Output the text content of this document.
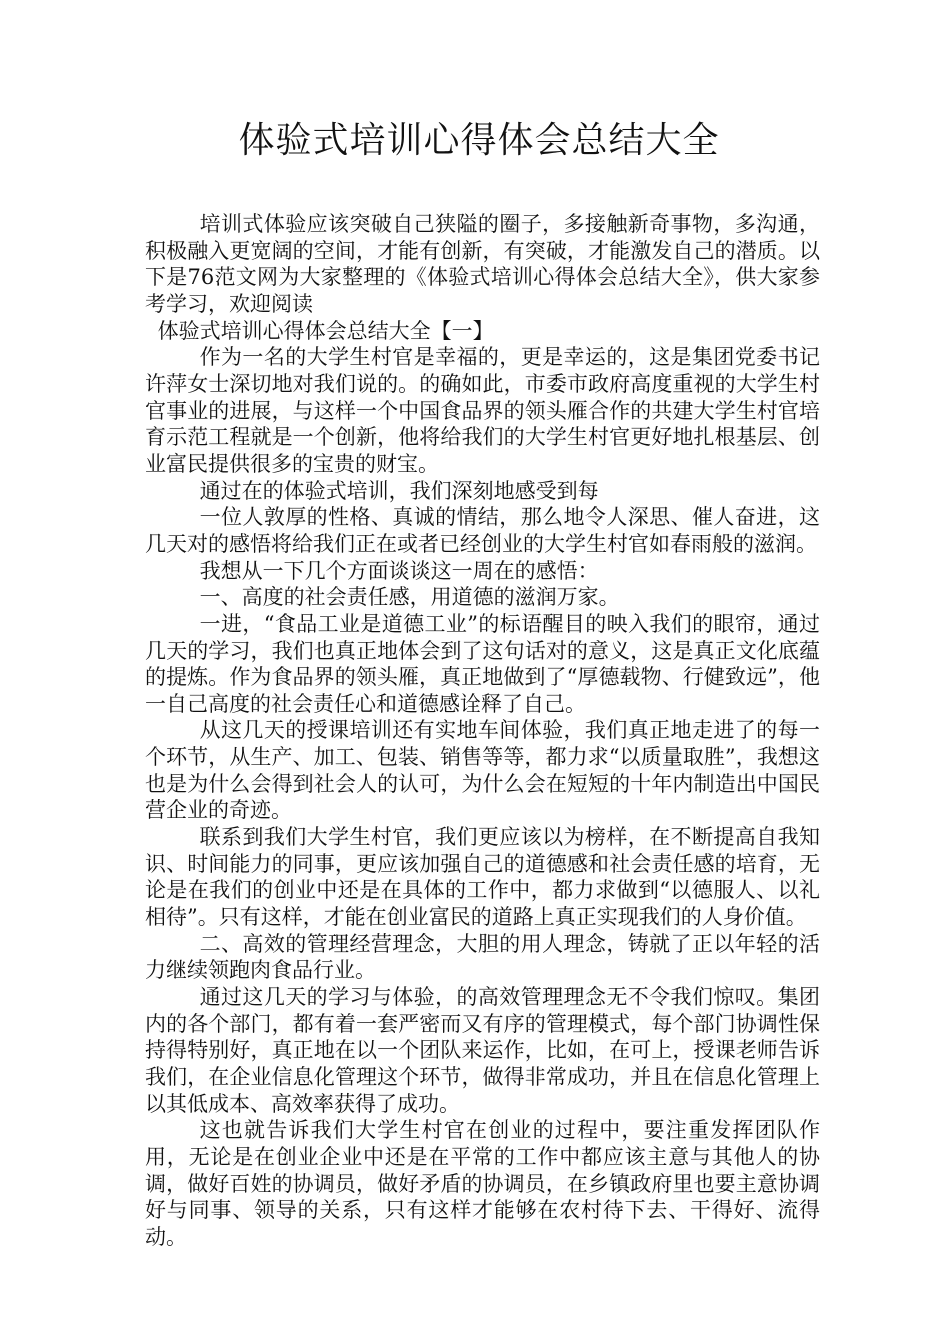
体验式培训心得体会总结大全

培训式体验应该突破自己狭隘的圈子，多接触新奇事物，多沟通，积极融入更宽阔的空间，才能有创新，有突破，才能激发自己的潜质。以下是76范文网为大家整理的《体验式培训心得体会总结大全》，供大家参考学习，欢迎阅读

体验式培训心得体会总结大全【一】

作为一名的大学生村官是幸福的，更是幸运的，这是集团党委书记许萍女士深切地对我们说的。的确如此，市委市政府高度重视的大学生村官事业的进展，与这样一个中国食品界的领头雁合作的共建大学生村官培育示范工程就是一个创新，他将给我们的大学生村官更好地扎根基层、创业富民提供很多的宝贵的财宝。

通过在的体验式培训，我们深刻地感受到每

一位人敦厚的性格、真诚的情结，那么地令人深思、催人奋进，这几天对的感悟将给我们正在或者已经创业的大学生村官如春雨般的滋润。

我想从一下几个方面谈谈这一周在的感悟：

一、高度的社会责任感，用道德的滋润万家。

一进，“食品工业是道德工业”的标语醒目的映入我们的眼帘，通过几天的学习，我们也真正地体会到了这句话对的意义，这是真正文化底蕴的提炼。作为食品界的领头雁，真正地做到了“厚德载物、行健致远”，他一自己高度的社会责任心和道德感诠释了自己。

从这几天的授课培训还有实地车间体验，我们真正地走进了的每一个环节，从生产、加工、包装、销售等等，都力求“以质量取胜”，我想这也是为什么会得到社会人的认可，为什么会在短短的十年内制造出中国民营企业的奇迹。

联系到我们大学生村官，我们更应该以为榜样，在不断提高自我知识、时间能力的同事，更应该加强自己的道德感和社会责任感的培育，无论是在我们的创业中还是在具体的工作中，都力求做到“以德服人、以礼相待”。只有这样，才能在创业富民的道路上真正实现我们的人身价值。

二、高效的管理经营理念，大胆的用人理念，铸就了正以年轻的活力继续领跑肉食品行业。

通过这几天的学习与体验，的高效管理理念无不令我们惊叹。集团内的各个部门，都有着一套严密而又有序的管理模式，每个部门协调性保持得特别好，真正地在以一个团队来运作，比如，在可上，授课老师告诉我们，在企业信息化管理这个环节，做得非常成功，并且在信息化管理上以其低成本、高效率获得了成功。

这也就告诉我们大学生村官在创业的过程中，要注重发挥团队作用，无论是在创业企业中还是在平常的工作中都应该主意与其他人的协调，做好百姓的协调员，做好矛盾的协调员，在乡镇政府里也要主意协调好与同事、领导的关系，只有这样才能够在农村待下去、干得好、流得动。
